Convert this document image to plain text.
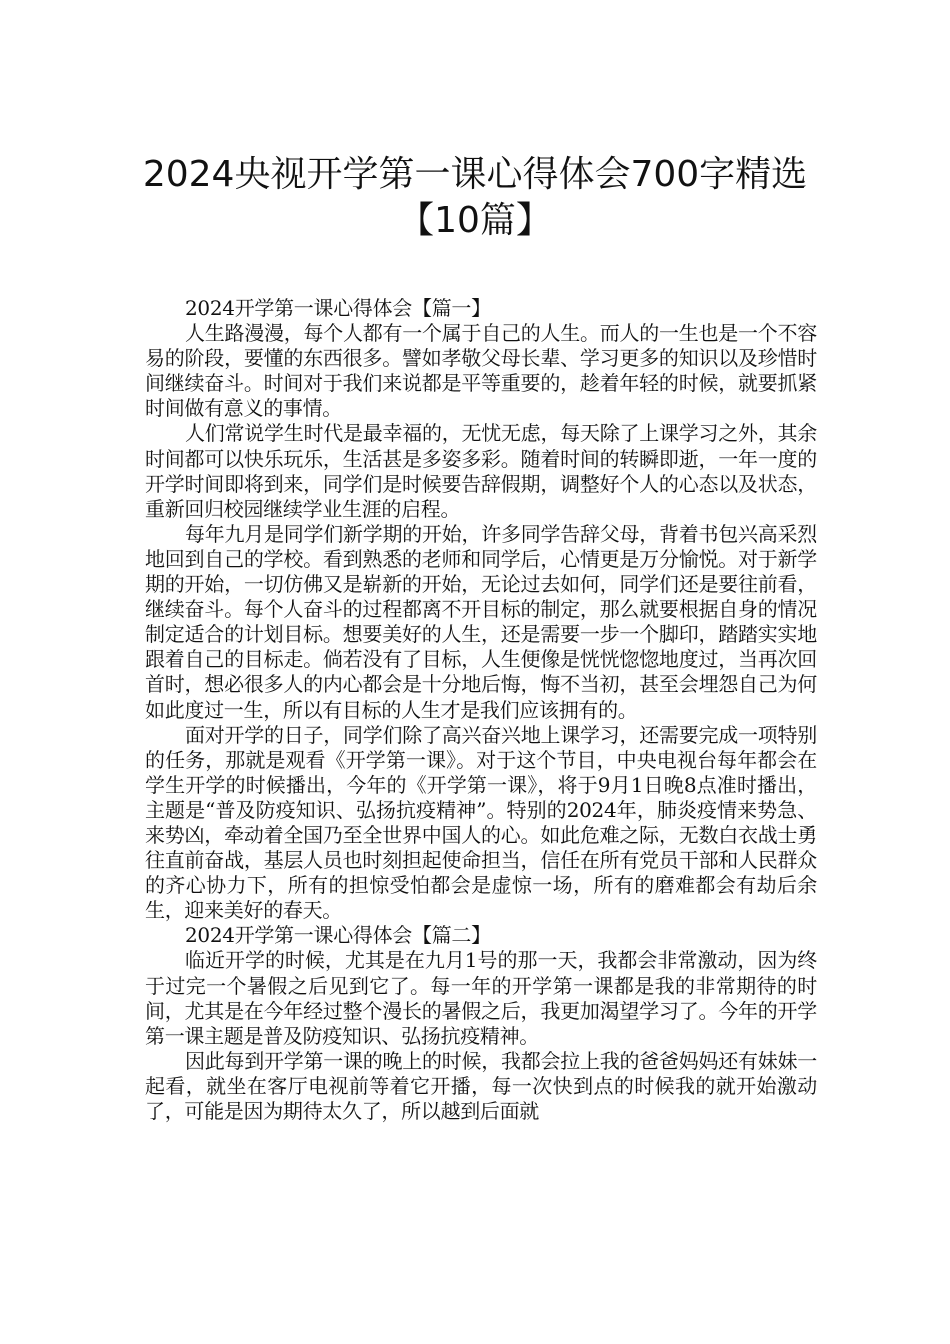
2024央视开学第一课心得体会700字精选【10篇】

2024开学第一课心得体会【篇一】

人生路漫漫，每个人都有一个属于自己的人生。而人的一生也是一个不容易的阶段，要懂的东西很多。譬如孝敬父母长辈、学习更多的知识以及珍惜时间继续奋斗。时间对于我们来说都是平等重要的，趁着年轻的时候，就要抓紧时间做有意义的事情。

人们常说学生时代是最幸福的，无忧无虑，每天除了上课学习之外，其余时间都可以快乐玩乐，生活甚是多姿多彩。随着时间的转瞬即逝，一年一度的开学时间即将到来，同学们是时候要告辞假期，调整好个人的心态以及状态，重新回归校园继续学业生涯的启程。

每年九月是同学们新学期的开始，许多同学告辞父母，背着书包兴高采烈地回到自己的学校。看到熟悉的老师和同学后，心情更是万分愉悦。对于新学期的开始，一切仿佛又是崭新的开始，无论过去如何，同学们还是要往前看，继续奋斗。每个人奋斗的过程都离不开目标的制定，那么就要根据自身的情况制定适合的计划目标。想要美好的人生，还是需要一步一个脚印，踏踏实实地跟着自己的目标走。倘若没有了目标，人生便像是恍恍惚惚地度过，当再次回首时，想必很多人的内心都会是十分地后悔，悔不当初，甚至会埋怨自己为何如此度过一生，所以有目标的人生才是我们应该拥有的。

面对开学的日子，同学们除了高兴奋兴地上课学习，还需要完成一项特别的任务，那就是观看《开学第一课》。对于这个节目，中央电视台每年都会在学生开学的时候播出，今年的《开学第一课》，将于9月1日晚8点准时播出，主题是“普及防疫知识、弘扬抗疫精神”。特别的2024年，肺炎疫情来势急、来势凶，牵动着全国乃至全世界中国人的心。如此危难之际，无数白衣战士勇往直前奋战，基层人员也时刻担起使命担当，信任在所有党员干部和人民群众的齐心协力下，所有的担惊受怕都会是虚惊一场，所有的磨难都会有劫后余生，迎来美好的春天。

2024开学第一课心得体会【篇二】

临近开学的时候，尤其是在九月1号的那一天，我都会非常激动，因为终于过完一个暑假之后见到它了。每一年的开学第一课都是我的非常期待的时间，尤其是在今年经过整个漫长的暑假之后，我更加渴望学习了。今年的开学第一课主题是普及防疫知识、弘扬抗疫精神。

因此每到开学第一课的晚上的时候，我都会拉上我的爸爸妈妈还有妹妹一起看，就坐在客厅电视前等着它开播，每一次快到点的时候我的就开始激动了，可能是因为期待太久了，所以越到后面就
